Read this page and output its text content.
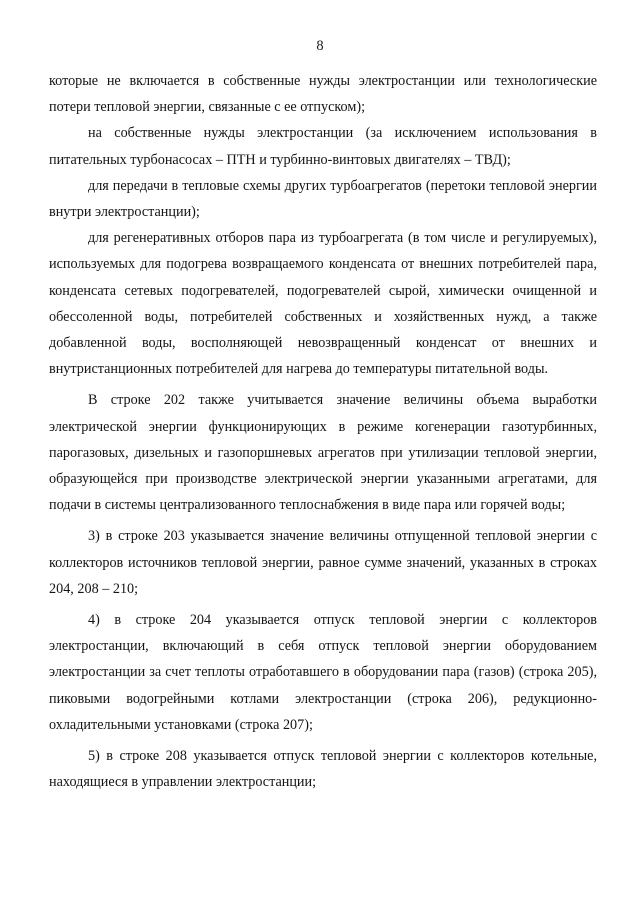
8

которые не включается в собственные нужды электростанции или технологические потери тепловой энергии, связанные с ее отпуском);

на собственные нужды электростанции (за исключением использования в питательных турбонасосах – ПТН и турбинно-винтовых двигателях – ТВД);

для передачи в тепловые схемы других турбоагрегатов (перетоки тепловой энергии внутри электростанции);

для регенеративных отборов пара из турбоагрегата (в том числе и регулируемых), используемых для подогрева возвращаемого конденсата от внешних потребителей пара, конденсата сетевых подогревателей, подогревателей сырой, химически очищенной и обессоленной воды, потребителей собственных и хозяйственных нужд, а также добавленной воды, восполняющей невозвращенный конденсат от внешних и внутристанционных потребителей для нагрева до температуры питательной воды.

В строке 202 также учитывается значение величины объема выработки электрической энергии функционирующих в режиме когенерации газотурбинных, парогазовых, дизельных и газопоршневых агрегатов при утилизации тепловой энергии, образующейся при производстве электрической энергии указанными агрегатами, для подачи в системы централизованного теплоснабжения в виде пара или горячей воды;

3) в строке 203 указывается значение величины отпущенной тепловой энергии с коллекторов источников тепловой энергии, равное сумме значений, указанных в строках 204, 208 – 210;

4) в строке 204 указывается отпуск тепловой энергии с коллекторов электростанции, включающий в себя отпуск тепловой энергии оборудованием электростанции за счет теплоты отработавшего в оборудовании пара (газов) (строка 205), пиковыми водогрейными котлами электростанции (строка 206), редукционно-охладительными установками (строка 207);

5) в строке 208 указывается отпуск тепловой энергии с коллекторов котельные, находящиеся в управлении электростанции;
